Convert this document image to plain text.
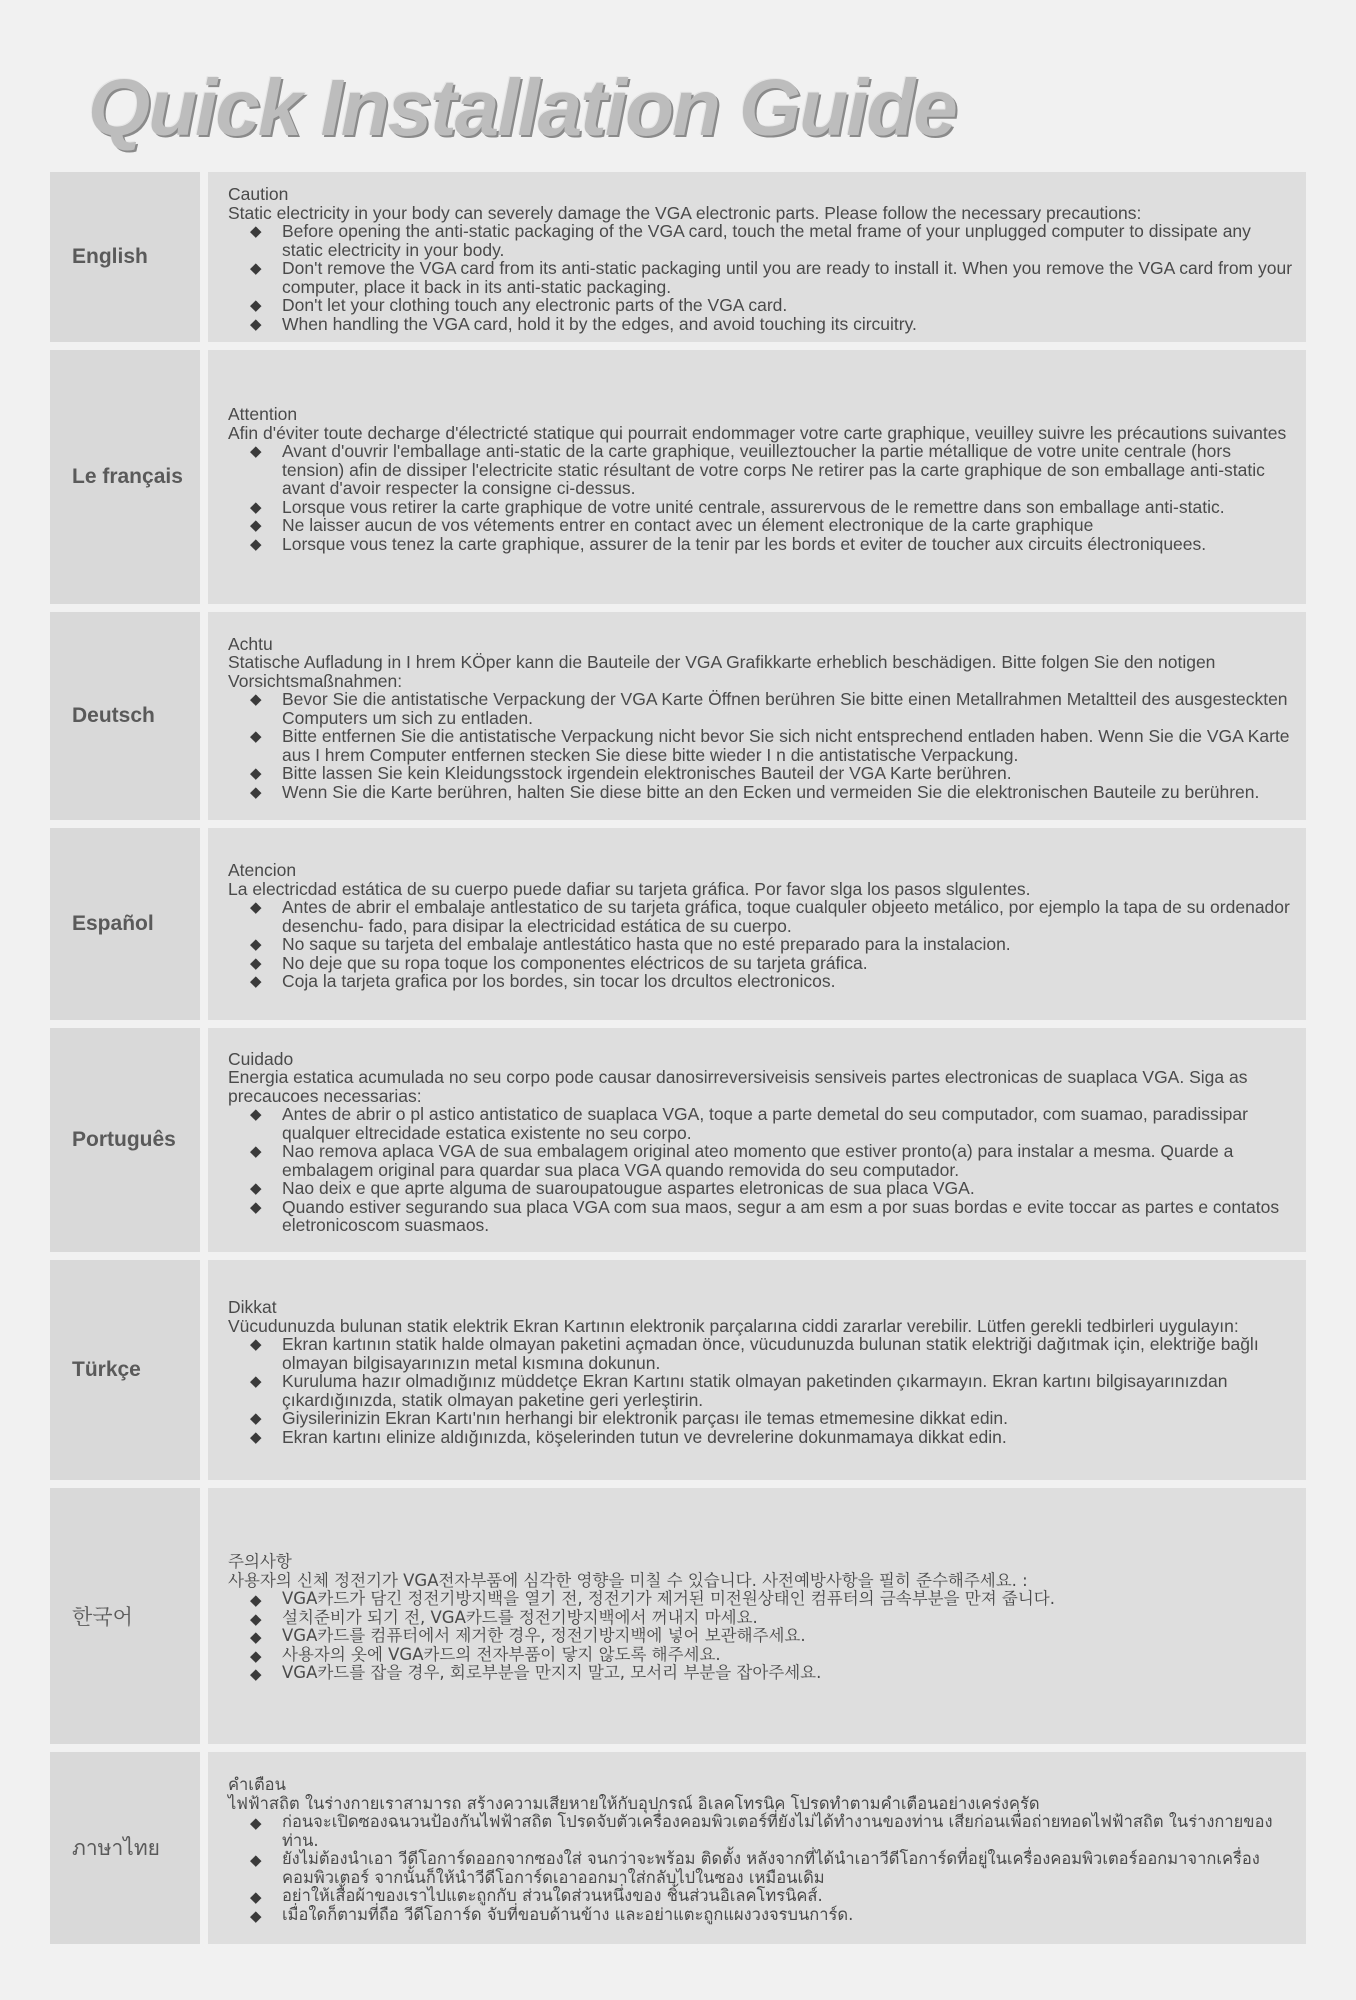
Quick Installation Guide
English
Caution
Static electricity in your body can severely damage the VGA electronic parts. Please follow the necessary precautions:
◆ Before opening the anti-static packaging of the VGA card, touch the metal frame of your unplugged computer to dissipate any static electricity in your body.
◆ Don't remove the VGA card from its anti-static packaging until you are ready to install it. When you remove the VGA card from your computer, place it back in its anti-static packaging.
◆ Don't let your clothing touch any electronic parts of the VGA card.
◆ When handling the VGA card, hold it by the edges, and avoid touching its circuitry.
Le français
Attention
Afin d'éviter toute decharge d'électricté statique qui pourrait endommager votre carte graphique, veuilley suivre les précautions suivantes
◆ Avant d'ouvrir l'emballage anti-static de la carte graphique, veuilleztoucher la partie métallique de votre unite centrale (hors tension) afin de dissiper l'electricite static résultant de votre corps Ne retirer pas la carte graphique de son emballage anti-static avant d'avoir respecter la consigne ci-dessus.
◆ Lorsque vous retirer la carte graphique de votre unité centrale, assurervous de le remettre dans son emballage anti-static.
◆ Ne laisser aucun de vos vétements entrer en contact avec un élement electronique de la carte graphique
◆ Lorsque vous tenez la carte graphique, assurer de la tenir par les bords et eviter de toucher aux circuits électroniquees.
Deutsch
Achtu
Statische Aufladung in I hrem KÖper kann die Bauteile der VGA Grafikkarte erheblich beschädigen. Bitte folgen Sie den notigen Vorsichtsmaßnahmen:
◆ Bevor Sie die antistatische Verpackung der VGA Karte Öffnen berühren Sie bitte einen Metallrahmen Metaltteil des ausgesteckten Computers um sich zu entladen.
◆ Bitte entfernen Sie die antistatische Verpackung nicht bevor Sie sich nicht entsprechend entladen haben. Wenn Sie die VGA Karte aus I hrem Computer entfernen stecken Sie diese bitte wieder I n die antistatische Verpackung.
◆ Bitte lassen Sie kein Kleidungsstock irgendein elektronisches Bauteil der VGA Karte berühren.
◆ Wenn Sie die Karte berühren, halten Sie diese bitte an den Ecken und vermeiden Sie die elektronischen Bauteile zu berühren.
Español
Atencion
La electricdad estática de su cuerpo puede dafiar su tarjeta gráfica. Por favor slga los pasos slguIentes.
◆ Antes de abrir el embalaje antlestatico de su tarjeta gráfica, toque cualquler objeeto metálico, por ejemplo la tapa de su ordenador desenchu- fado, para disipar la electricidad estática de su cuerpo.
◆ No saque su tarjeta del embalaje antlestático hasta que no esté preparado para la instalacion.
◆ No deje que su ropa toque los componentes eléctricos de su tarjeta gráfica.
◆ Coja la tarjeta grafica por los bordes, sin tocar los drcultos electronicos.
Português
Cuidado
Energia estatica acumulada no seu corpo pode causar danosirreversiveisis sensiveis partes electronicas de suaplaca VGA. Siga as precaucoes necessarias:
◆ Antes de abrir o pl astico antistatico de suaplaca VGA, toque a parte demetal do seu computador, com suamao, paradissipar qualquer eltrecidade estatica existente no seu corpo.
◆ Nao remova aplaca VGA de sua embalagem original ateo momento que estiver pronto(a) para instalar a mesma. Quarde a embalagem original para quardar sua placa VGA quando removida do seu computador.
◆ Nao deix e que aprte alguma de suaroupatougue aspartes eletronicas de sua placa VGA.
◆ Quando estiver segurando sua placa VGA com sua maos, segur a am esm a por suas bordas e evite toccar as partes e contatos eletronicoscom suasmaos.
Türkçe
Dikkat
Vücudunuzda bulunan statik elektrik Ekran Kartının elektronik parçalarına ciddi zararlar verebilir. Lütfen gerekli tedbirleri uygulayın:
◆ Ekran kartının statik halde olmayan paketini açmadan önce, vücudunuzda bulunan statik elektriği dağıtmak için, elektriğe bağlı olmayan bilgisayarınızın metal kısmına dokunun.
◆ Kuruluma hazır olmadığınız müddetçe Ekran Kartını statik olmayan paketinden çıkarmayın. Ekran kartını bilgisayarınızdan çıkardığınızda, statik olmayan paketine geri yerleştirin.
◆ Giysilerinizin Ekran Kartı'nın herhangi bir elektronik parçası ile temas etmemesine dikkat edin.
◆ Ekran kartını elinize aldığınızda, köşelerinden tutun ve devrelerine dokunmamaya dikkat edin.
한국어
주의사항
사용자의 신체 정전기가 VGA전자부품에 심각한 영향을 미칠 수 있습니다. 사전예방사항을 필히 준수해주세요. :
◆ VGA카드가 담긴 정전기방지백을 열기 전, 정전기가 제거된 미전원상태인 컴퓨터의 금속부분을 만져 줍니다.
◆ 설치준비가 되기 전, VGA카드를 정전기방지백에서 꺼내지 마세요.
◆ VGA카드를 컴퓨터에서 제거한 경우, 정전기방지백에 넣어 보관해주세요.
◆ 사용자의 옷에 VGA카드의 전자부품이 닿지 않도록 해주세요.
◆ VGA카드를 잡을 경우, 회로부분을 만지지 말고, 모서리 부분을 잡아주세요.
ภาษาไทย
คำเตือน
ไฟฟ้าสถิต ในร่างกายเราสามารถ สร้างความเสียหายให้กับอุปกรณ์ อิเลคโทรนิค โปรดทำตามคำเตือนอย่างเคร่งครัด
◆ ก่อนจะเปิดซองฉนวนป้องกันไฟฟ้าสถิต โปรดจับตัวเครื่องคอมพิวเตอร์ที่ยังไม่ได้ทำงานของท่าน เสียก่อนเพื่อถ่ายทอดไฟฟ้าสถิต ในร่างกายของท่าน.
◆ ยังไม่ต้องนำเอา วีดีโอการ์ดออกจากซองใส่ จนกว่าจะพร้อม ติดตั้ง หลังจากที่ได้นำเอาวีดีโอการ์ดที่อยู่ในเครื่องคอมพิวเตอร์ออกมาจากเครื่องคอมพิวเตอร์ จากนั้นก็ให้นำวีดีโอการ์ดเอาออกมาใส่กลับไปในซอง เหมือนเดิม
◆ อย่าให้เสื้อผ้าของเราไปแตะถูกกับ ส่วนใดส่วนหนึ่งของ ชิ้นส่วนอิเลคโทรนิคส์.
◆ เมื่อใดก็ตามที่ถือ วีดีโอการ์ด จับที่ขอบด้านข้าง และอย่าแตะถูกแผงวงจรบนการ์ด.
